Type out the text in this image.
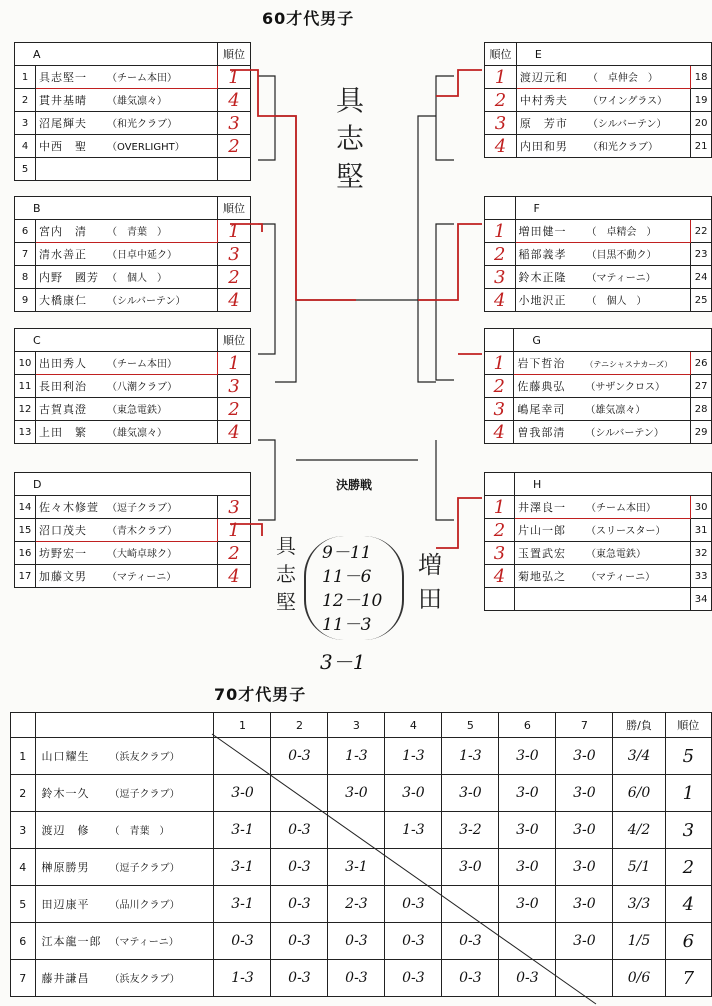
60才代男子
A		順位
1	具志堅一 （チーム本田）	1
2	貫井基晴 （雄気凛々）	4
3	沼尾輝夫 （和光クラブ）	3
4	中西　聖 （OVERLIGHT）	2
5		
B		順位
6	宮内　清 （　青葉　）	1
7	清水善正 （日卓中延ク）	3
8	内野　國芳 （　個人　）	2
9	大橋康仁 （シルバーテン）	4
C		順位
10	出田秀人 （チーム本田）	1
11	長田利治 （八潮クラブ）	3
12	古賀真澄 （東急電鉄）	2
13	上田　繁 （雄気凛々）	4
D		
14	佐々木修萱 （逗子クラブ）	3
15	沼口茂夫 （青木クラブ）	1
16	坊野宏一 （大崎卓球ク）	2
17	加藤文男 （マティーニ）	4
順位	E	
1	渡辺元和 （　卓伸会　）	18
2	中村秀夫 （ワイングラス）	19
3	原　芳市 （シルバーテン）	20
4	内田和男 （和光クラブ）	21
	F	
1	増田健一 （　卓精会　）	22
2	稲部義孝 （目黒不動ク）	23
3	鈴木正隆 （マティーニ）	24
4	小地沢正 （　個人　）	25
	G	
1	岩下哲治 （テニシャスナカーズ）	26
2	佐藤典弘 （サザンクロス）	27
3	嶋尾幸司 （雄気凛々）	28
4	曽我部清 （シルバーテン）	29
	H	
1	井澤良一 （チーム本田）	30
2	片山一郎 （スリースター）	31
3	玉置武宏 （東急電鉄）	32
4	菊地弘之 （マティーニ）	33
		34
決勝戦
具志堅
具志堅
9－11
11－6
12－10
11－3
増田
3－1
70才代男子
		1	2	3	4	5	6	7	勝/負	順位
1	山口耀生 （浜友クラブ）		0-3	1-3	1-3	1-3	3-0	3-0	3/4	5
2	鈴木一久 （逗子クラブ）	3-0		3-0	3-0	3-0	3-0	3-0	6/0	1
3	渡辺　修 （　青葉　）	3-1	0-3		1-3	3-2	3-0	3-0	4/2	3
4	榊原勝男 （逗子クラブ）	3-1	0-3	3-1		3-0	3-0	3-0	5/1	2
5	田辺康平 （品川クラブ）	3-1	0-3	2-3	0-3		3-0	3-0	3/3	4
6	江本龍一郎 （マティーニ）	0-3	0-3	0-3	0-3	0-3		3-0	1/5	6
7	藤井謙昌 （浜友クラブ）	1-3	0-3	0-3	0-3	0-3	0-3		0/6	7
